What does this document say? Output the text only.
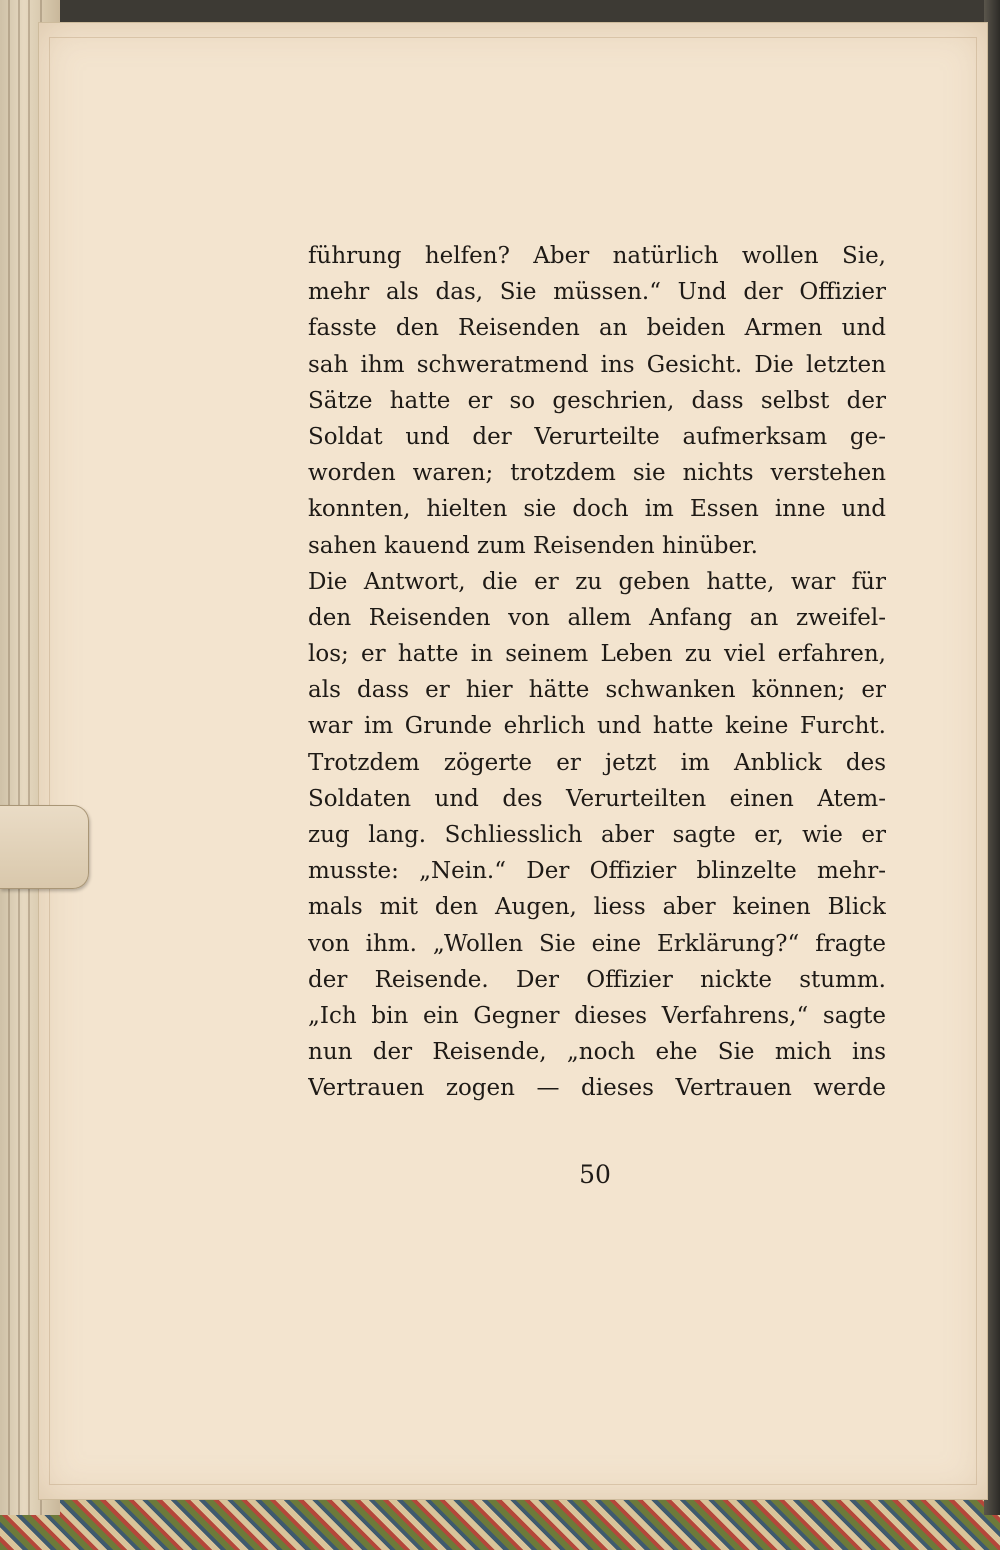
führung helfen? Aber natürlich wollen Sie,
mehr als das, Sie müssen.“ Und der Offizier
fasste den Reisenden an beiden Armen und
sah ihm schweratmend ins Gesicht. Die letzten
Sätze hatte er so geschrien, dass selbst der
Soldat und der Verurteilte aufmerksam ge-
worden waren; trotzdem sie nichts verstehen
konnten, hielten sie doch im Essen inne und
sahen kauend zum Reisenden hinüber.
Die Antwort, die er zu geben hatte, war für
den Reisenden von allem Anfang an zweifel-
los; er hatte in seinem Leben zu viel erfahren,
als dass er hier hätte schwanken können; er
war im Grunde ehrlich und hatte keine Furcht.
Trotzdem zögerte er jetzt im Anblick des
Soldaten und des Verurteilten einen Atem-
zug lang. Schliesslich aber sagte er, wie er
musste: „Nein.“ Der Offizier blinzelte mehr-
mals mit den Augen, liess aber keinen Blick
von ihm. „Wollen Sie eine Erklärung?“ fragte
der Reisende. Der Offizier nickte stumm.
„Ich bin ein Gegner dieses Verfahrens,“ sagte
nun der Reisende, „noch ehe Sie mich ins
Vertrauen zogen — dieses Vertrauen werde
50
